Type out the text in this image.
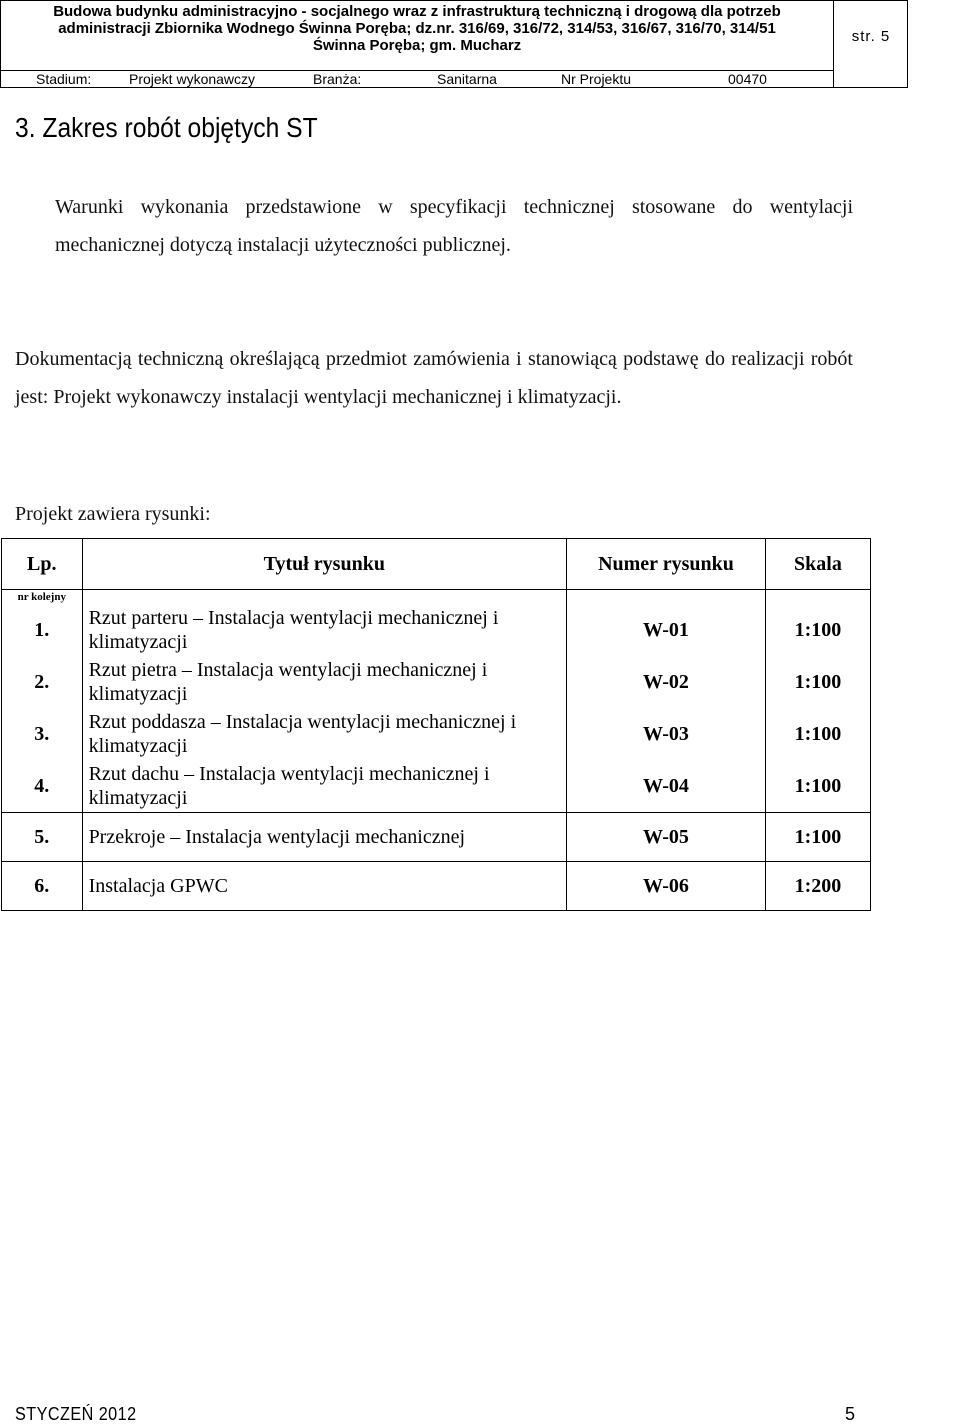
Budowa budynku administracyjno - socjalnego wraz z infrastrukturą techniczną i drogową dla potrzeb
administracji Zbiornika Wodnego Świnna Poręba; dz.nr. 316/69, 316/72, 314/53, 316/67, 316/70, 314/51
Świnna Poręba; gm. Mucharz
str. 5
Stadium:	Projekt wykonawczy	Branża:	Sanitarna	Nr Projektu	00470
3. Zakres robót objętych ST
Warunki wykonania przedstawione w specyfikacji technicznej stosowane do wentylacji mechanicznej dotyczą instalacji użyteczności publicznej.
Dokumentacją techniczną określającą przedmiot zamówienia i stanowiącą podstawę do realizacji robót jest: Projekt wykonawczy instalacji wentylacji mechanicznej i klimatyzacji.
Projekt zawiera rysunki:
Lp.	Tytuł rysunku	Numer rysunku	Skala
nr kolejny			
1.	Rzut parteru – Instalacja wentylacji mechanicznej i klimatyzacji	W-01	1:100
2.	Rzut pietra – Instalacja wentylacji mechanicznej i klimatyzacji	W-02	1:100
3.	Rzut poddasza – Instalacja wentylacji mechanicznej i klimatyzacji	W-03	1:100
4.	Rzut dachu – Instalacja wentylacji mechanicznej i klimatyzacji	W-04	1:100
5.	Przekroje – Instalacja wentylacji mechanicznej	W-05	1:100
6.	Instalacja GPWC	W-06	1:200
STYCZEŃ 2012	5
